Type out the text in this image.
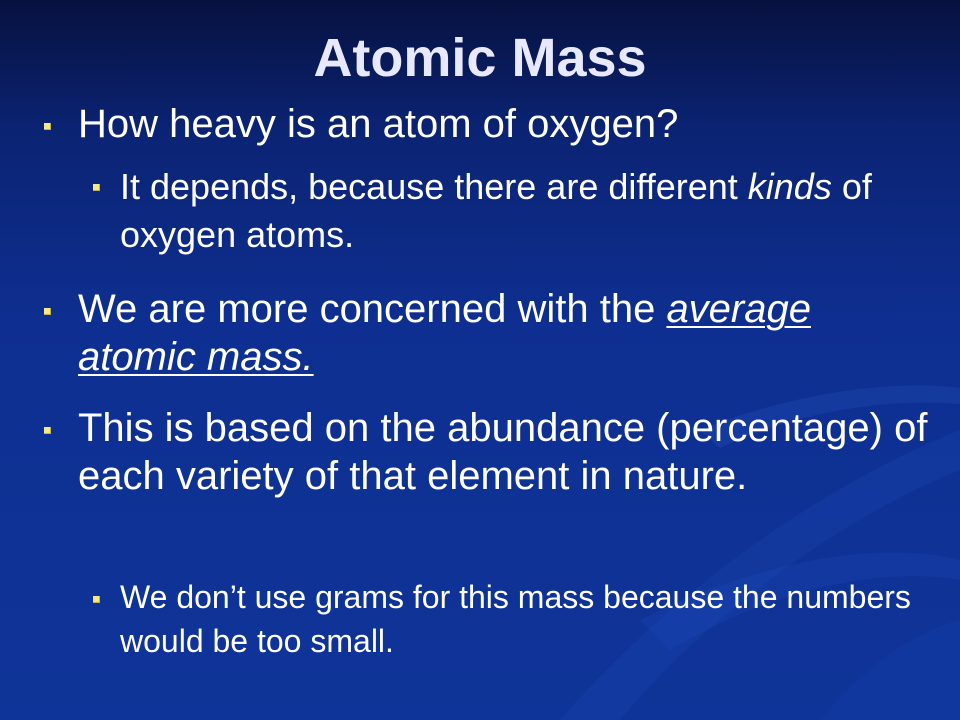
Atomic Mass
How heavy is an atom of oxygen?
It depends, because there are different kinds of oxygen atoms.
We are more concerned with the average atomic mass.
This is based on the abundance (percentage) of each variety of that element in nature.
We don’t use grams for this mass because the numbers would be too small.
